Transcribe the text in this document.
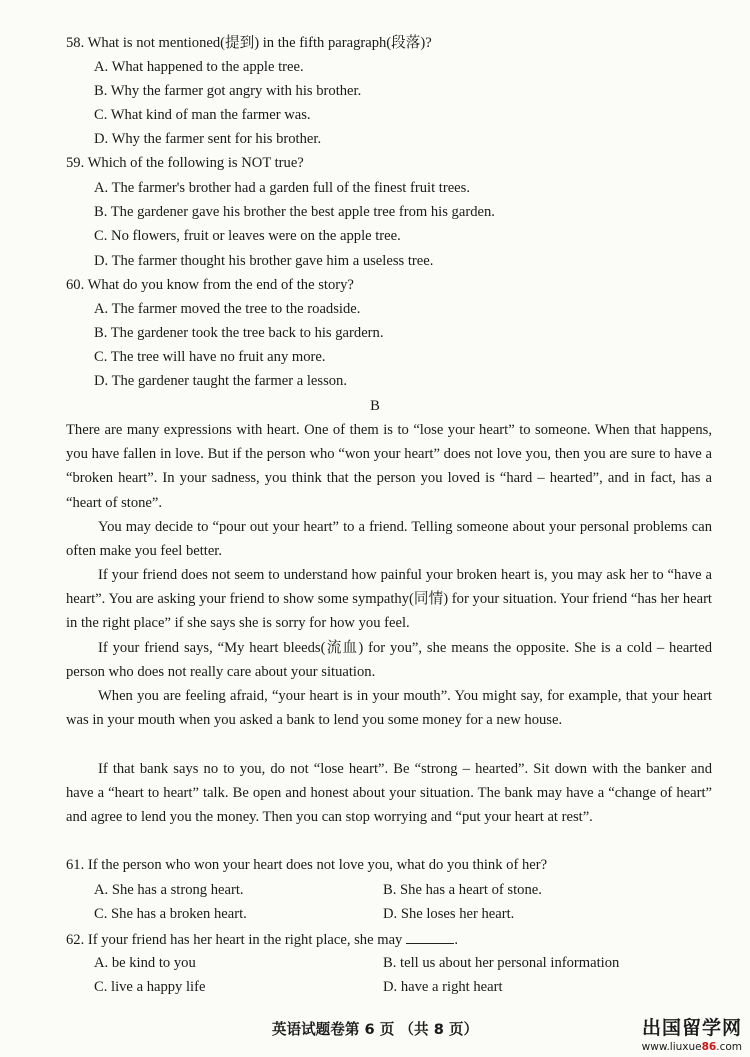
58. What is not mentioned(提到) in the fifth paragraph(段落)?
A. What happened to the apple tree.
B. Why the farmer got angry with his brother.
C. What kind of man the farmer was.
D. Why the farmer sent for his brother.
59. Which of the following is NOT true?
A. The farmer's brother had a garden full of the finest fruit trees.
B. The gardener gave his brother the best apple tree from his garden.
C. No flowers, fruit or leaves were on the apple tree.
D. The farmer thought his brother gave him a useless tree.
60. What do you know from the end of the story?
A. The farmer moved the tree to the roadside.
B. The gardener took the tree back to his gardern.
C. The tree will have no fruit any more.
D. The gardener taught the farmer a lesson.
B
There are many expressions with heart. One of them is to “lose your heart” to someone. When that happens, you have fallen in love. But if the person who “won your heart” does not love you, then you are sure to have a “broken heart”. In your sadness, you think that the person you loved is “hard – hearted”, and in fact, has a “heart of stone”.
You may decide to “pour out your heart” to a friend. Telling someone about your personal problems can often make you feel better.
If your friend does not seem to understand how painful your broken heart is, you may ask her to “have a heart”. You are asking your friend to show some sympathy(同情) for your situation. Your friend “has her heart in the right place” if she says she is sorry for how you feel.
If your friend says, “My heart bleeds(流血) for you”, she means the opposite. She is a cold – hearted person who does not really care about your situation.
When you are feeling afraid, “your heart is in your mouth”. You might say, for example, that your heart was in your mouth when you asked a bank to lend you some money for a new house.
If that bank says no to you, do not “lose heart”. Be “strong – hearted”. Sit down with the banker and have a “heart to heart” talk. Be open and honest about your situation. The bank may have a “change of heart” and agree to lend you the money. Then you can stop worrying and “put your heart at rest”.
61. If the person who won your heart does not love you, what do you think of her?
A. She has a strong heart.	B. She has a heart of stone.
C. She has a broken heart.	D. She loses her heart.
62. If your friend has her heart in the right place, she may	.
A. be kind to you	B. tell us about her personal information
C. live a happy life	D. have a right heart
英语试题卷第 6 页 （共 8 页）	出国留学网
www.liuxue86.com
